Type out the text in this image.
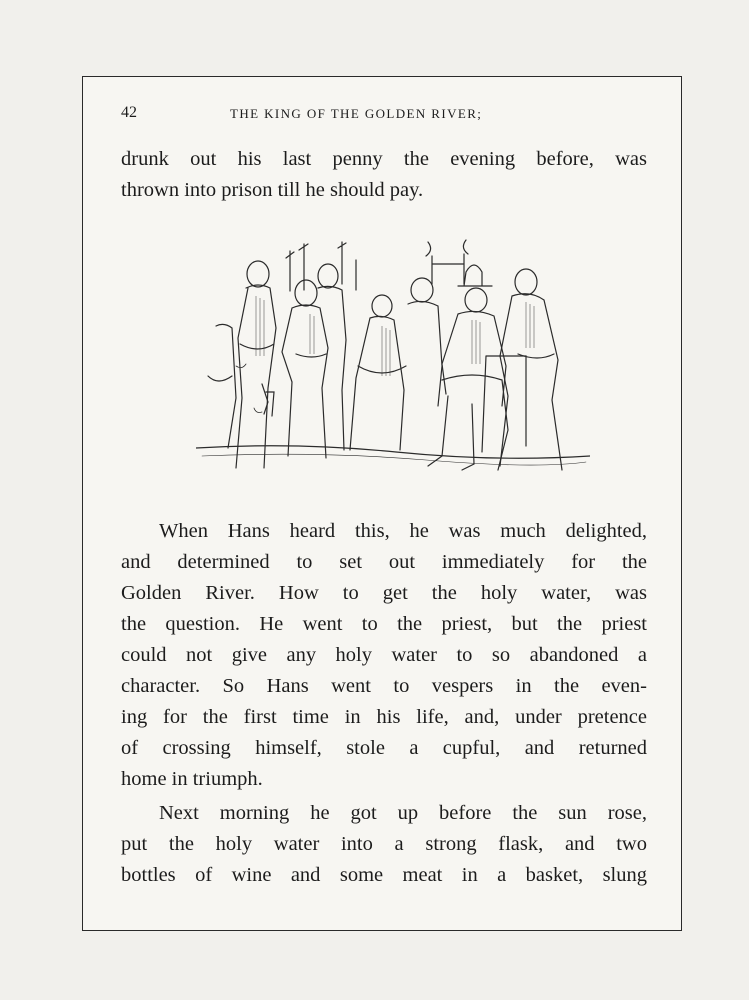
42	THE KING OF THE GOLDEN RIVER;

drunk out his last penny the evening before, was
thrown into prison till he should pay.

When Hans heard this, he was much delighted,
and determined to set out immediately for the
Golden River. How to get the holy water, was
the question. He went to the priest, but the priest
could not give any holy water to so abandoned a
character. So Hans went to vespers in the even-
ing for the first time in his life, and, under pretence
of crossing himself, stole a cupful, and returned
home in triumph.

Next morning he got up before the sun rose,
put the holy water into a strong flask, and two
bottles of wine and some meat in a basket, slung
